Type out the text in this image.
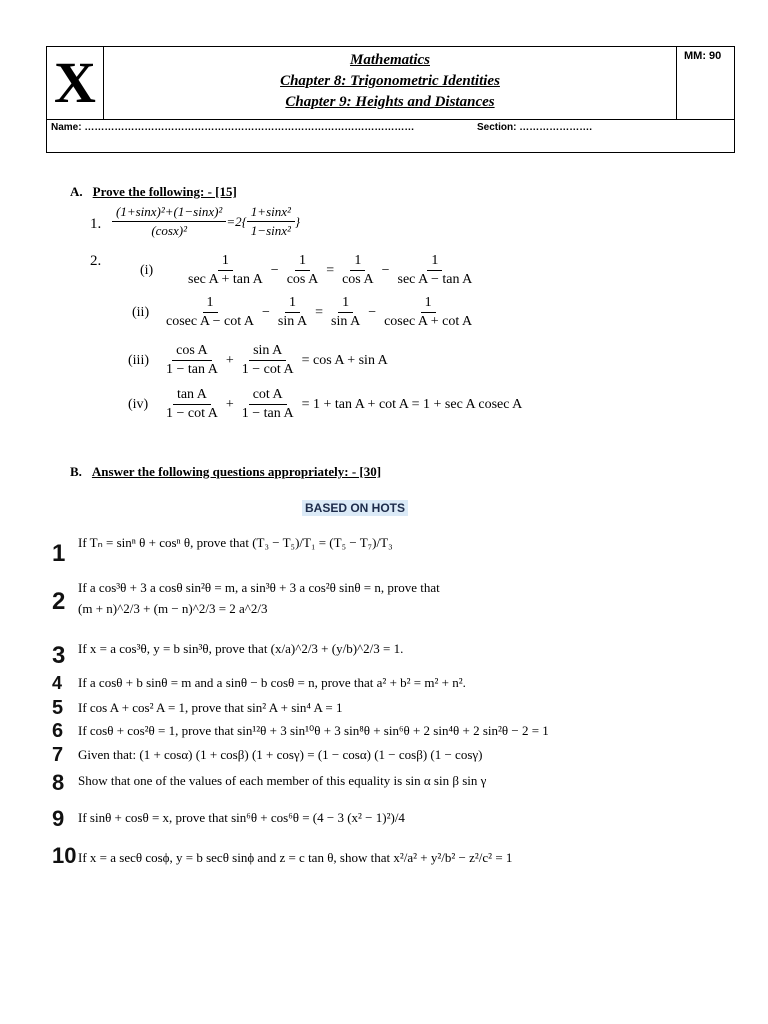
X	Mathematics
Chapter 8: Trigonometric Identities
Chapter 9: Heights and Distances
MM: 90
Name: ………………………………………………………………………………………	Section: ………………….
A. Prove the following: - [15]
1. $\frac{\text{(1+sinx)²+(1−sinx)²}}{\text{(cosx)²}} =2\{ \frac{\text{1+sinx²}}{\text{1−sinx²}}$ }
2.
(i)	$\frac{1}{\text{sec A + tan A}} - \frac{1}{\text{cos A}} = \frac{1}{\text{cos A}} - \frac{1}{\text{sec A − tan A}}$
$(ii) \frac{1}{\text{cosec A − cot A}} - \frac{1}{\text{sin A}} = \frac{1}{\text{sin A}} - \frac{1}{\text{cosec A + cot A}}$
$(iii) \frac{\text{cos A}}{\text{1 − tan A}} + \frac{\text{sin A}}{\text{1 − cot A}} = \cos A + \sin A$
$(iv) \frac{\text{tan A}}{\text{1 − cot A}} + \frac{\text{cot A}}{\text{1 − tan A}} = 1 + \tan A + \cot A = 1 + \sec A$ cosec A
B. Answer the following questions appropriately: - [30]
BASED ON HOTS
1 If Tₙ = sinⁿ θ + cosⁿ θ, prove that (T₃ − T₅)/T₁ = (T₅ − T₇)/T₃
2
If a cos³θ + 3 a cosθ sin²θ = m, a sin³θ + 3 a cos²θ sinθ = n, prove that
(m + n)^2/3 + (m − n)^2/3 = 2 a^2/3
3 If x = a cos³θ, y = b sin³θ, prove that (x/a)^2/3 + (y/b)^2/3 = 1.
4 If a cosθ + b sinθ = m and a sinθ − b cosθ = n, prove that a² + b² = m² + n².
5 If cos A + cos² A = 1, prove that sin² A + sin⁴ A = 1
6 If cosθ + cos²θ = 1, prove that sin¹²θ + 3 sin¹⁰θ + 3 sin⁸θ + sin⁶θ + 2 sin⁴θ + 2 sin²θ − 2 = 1
7 Given that: (1 + cosα) (1 + cosβ) (1 + cosγ) = (1 − cosα) (1 − cosβ) (1 − cosγ)
8 Show that one of the values of each member of this equality is sin α sin β sin γ
9 If sinθ + cosθ = x, prove that sin⁶θ + cos⁶θ = (4 − 3 (x² − 1)²)/4
10 If x = a secθ cosϕ, y = b secθ sinϕ and z = c tan θ, show that x²/a² + y²/b² − z²/c² = 1
